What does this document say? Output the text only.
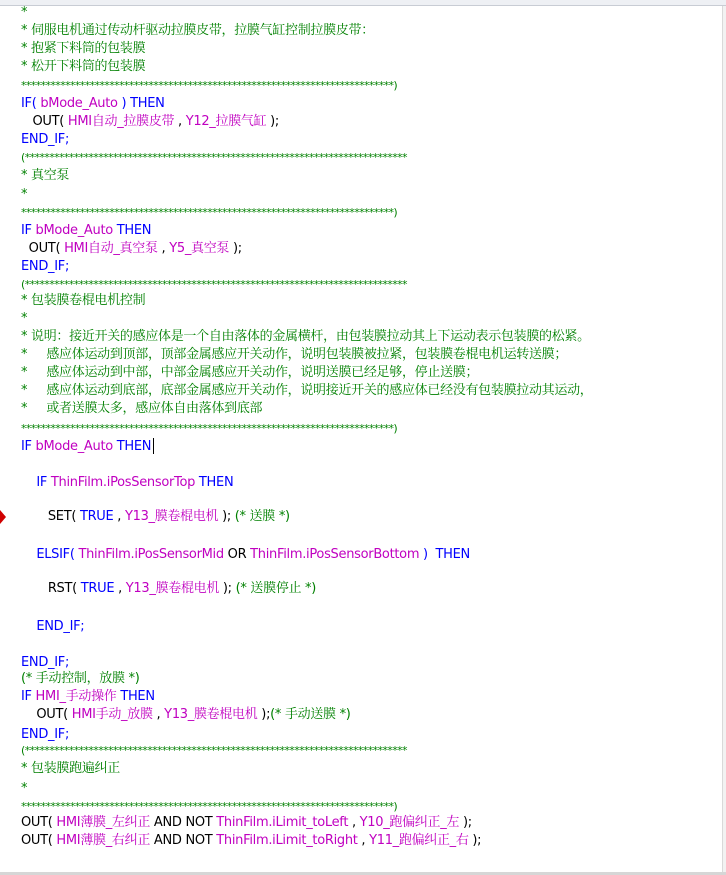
*
* 伺服电机通过传动杆驱动拉膜皮带，拉膜气缸控制拉膜皮带：
* 抱紧下料筒的包装膜
* 松开下料筒的包装膜
****************************************************************************)
IF( bMode_Auto ) THEN
OUT( HMI自动_拉膜皮带 , Y12_拉膜气缸 );
END_IF;
(******************************************************************************
* 真空泵
*
****************************************************************************)
IF bMode_Auto THEN
OUT( HMI自动_真空泵 , Y5_真空泵 );
END_IF;
(******************************************************************************
* 包装膜卷棍电机控制
*
* 说明：接近开关的感应体是一个自由落体的金属横杆，由包装膜拉动其上下运动表示包装膜的松紧。
*     感应体运动到顶部，顶部金属感应开关动作，说明包装膜被拉紧，包装膜卷棍电机运转送膜；
*     感应体运动到中部，中部金属感应开关动作，说明送膜已经足够，停止送膜；
*     感应体运动到底部，底部金属感应开关动作，说明接近开关的感应体已经没有包装膜拉动其运动，
*     或者送膜太多，感应体自由落体到底部
****************************************************************************)
IF bMode_Auto THEN
IF ThinFilm.iPosSensorTop THEN
SET( TRUE , Y13_膜卷棍电机 ); (* 送膜 *)
ELSIF( ThinFilm.iPosSensorMid OR ThinFilm.iPosSensorBottom )  THEN
RST( TRUE , Y13_膜卷棍电机 ); (* 送膜停止 *)
END_IF;
END_IF;
(* 手动控制，放膜 *)
IF HMI_手动操作 THEN
OUT( HMI手动_放膜 , Y13_膜卷棍电机 );(* 手动送膜 *)
END_IF;
(******************************************************************************
* 包装膜跑遍纠正
*
****************************************************************************)
OUT( HMI薄膜_左纠正 AND NOT ThinFilm.iLimit_toLeft , Y10_跑偏纠正_左 );
OUT( HMI薄膜_右纠正 AND NOT ThinFilm.iLimit_toRight , Y11_跑偏纠正_右 );
